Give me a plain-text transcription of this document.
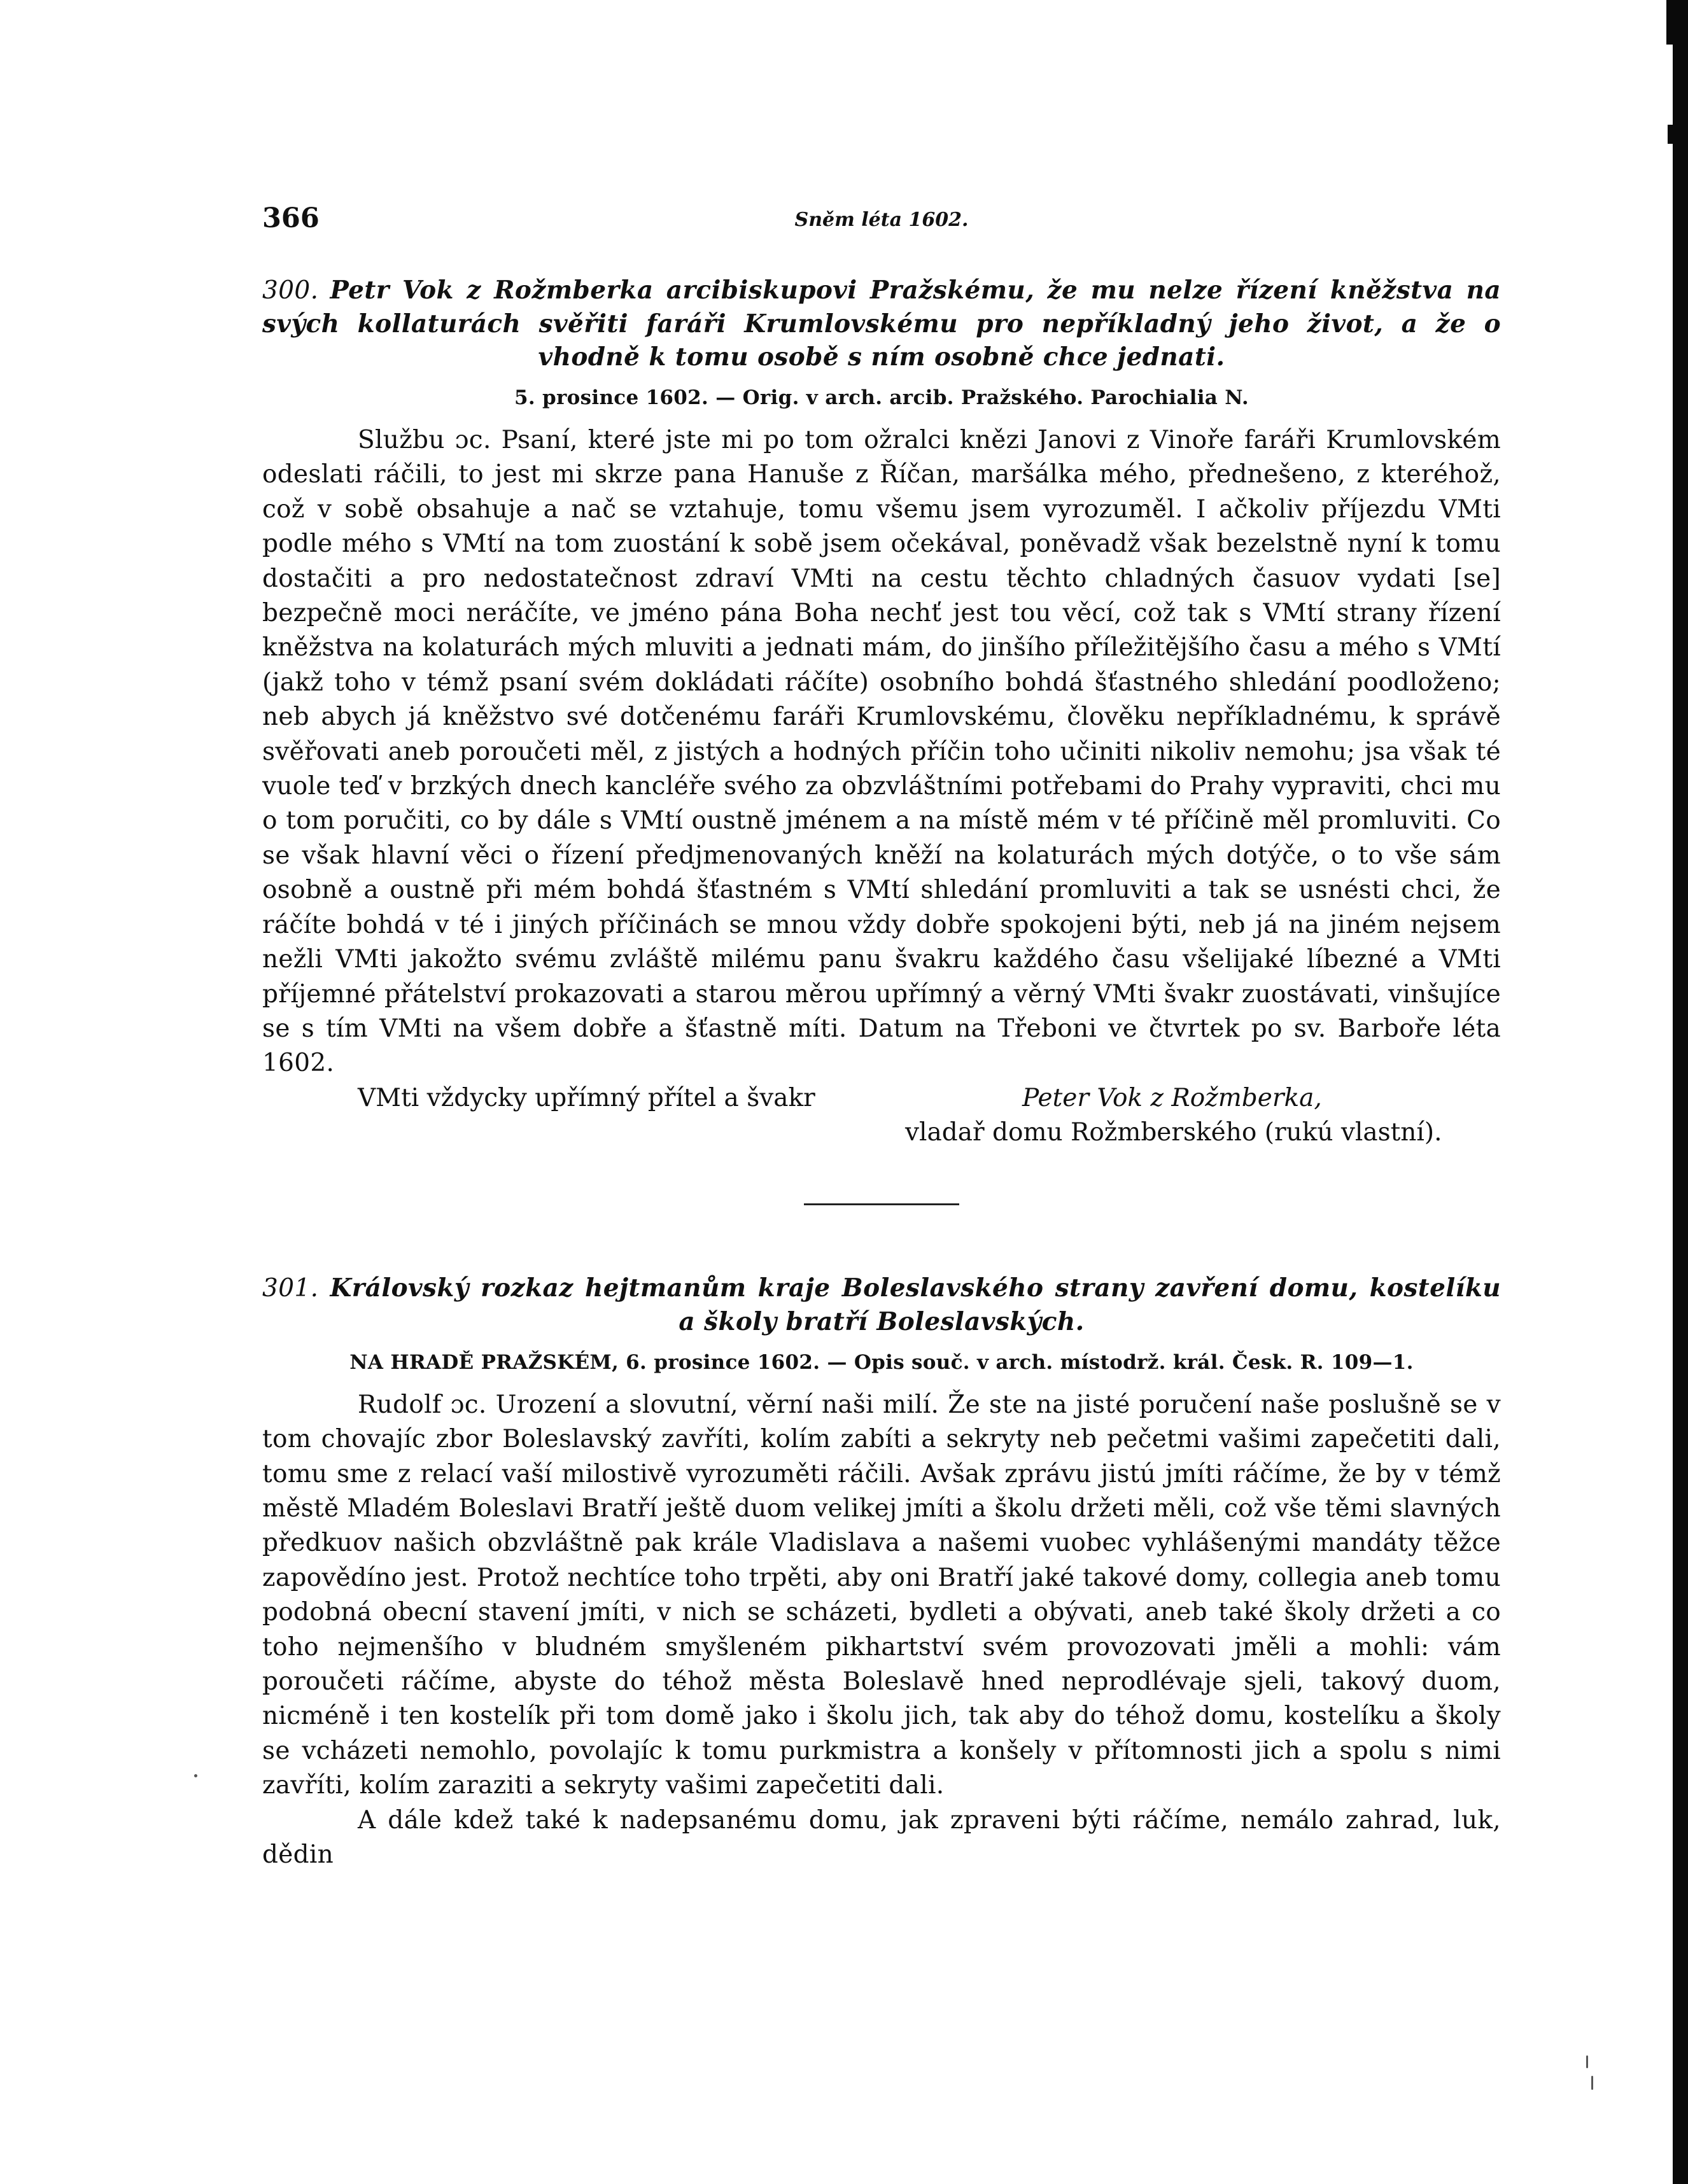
366	Sněm léta 1602.
300. Petr Vok z Rožmberka arcibiskupovi Pražskému, že mu nelze řízení kněžstva na svých kollaturách svěřiti faráři Krumlovskému pro nepříkladný jeho život, a že o vhodně k tomu osobě s ním osobně chce jednati.
5. prosince 1602. — Orig. v arch. arcib. Pražského. Parochialia N.

Službu ɔc. Psaní, které jste mi po tom ožralci knězi Janovi z Vinoře faráři Krumlovském odeslati ráčili, to jest mi skrze pana Hanuše z Říčan, maršálka mého, přednešeno, z kteréhož, což v sobě obsahuje a nač se vztahuje, tomu všemu jsem vyrozuměl. I ačkoliv příjezdu VMti podle mého s VMtí na tom zuostání k sobě jsem očekával, poněvadž však bezelstně nyní k tomu dostačiti a pro nedostatečnost zdraví VMti na cestu těchto chladných časuov vydati [se] bezpečně moci neráčíte, ve jméno pána Boha nechť jest tou věcí, což tak s VMtí strany řízení kněžstva na kolaturách mých mluviti a jednati mám, do jinšího příležitějšího času a mého s VMtí (jakž toho v témž psaní svém dokládati ráčíte) osobního bohdá šťastného shledání poodloženo; neb abych já kněžstvo své dotčenému faráři Krumlovskému, člověku nepříkladnému, k správě svěřovati aneb poroučeti měl, z jistých a hodných příčin toho učiniti nikoliv nemohu; jsa však té vuole teď v brzkých dnech kancléře svého za obzvláštními potřebami do Prahy vypraviti, chci mu o tom poručiti, co by dále s VMtí oustně jménem a na místě mém v té příčině měl promluviti. Co se však hlavní věci o řízení předjmenovaných kněží na kolaturách mých dotýče, o to vše sám osobně a oustně při mém bohdá šťastném s VMtí shledání promluviti a tak se usnésti chci, že ráčíte bohdá v té i jiných příčinách se mnou vždy dobře spokojeni býti, neb já na jiném nejsem nežli VMti jakožto svému zvláště milému panu švakru každého času všelijaké líbezné a VMti příjemné přátelství prokazovati a starou měrou upřímný a věrný VMti švakr zuostávati, vinšujíce se s tím VMti na všem dobře a šťastně míti. Datum na Třeboni ve čtvrtek po sv. Barboře léta 1602.

VMti vždycky upřímný přítel a švakr	Peter Vok z Rožmberka,
vladař domu Rožmberského (rukú vlastní).
301. Královský rozkaz hejtmanům kraje Boleslavského strany zavření domu, kostelíku a školy bratří Boleslavských.
NA HRADĚ PRAŽSKÉM, 6. prosince 1602. — Opis souč. v arch. místodrž. král. Česk. R. 109—1.

Rudolf ɔc. Urození a slovutní, věrní naši milí. Že ste na jisté poručení naše poslušně se v tom chovajíc zbor Boleslavský zavříti, kolím zabíti a sekryty neb pečetmi vašimi zapečetiti dali, tomu sme z relací vaší milostivě vyrozuměti ráčili. Avšak zprávu jistú jmíti ráčíme, že by v témž městě Mladém Boleslavi Bratří ještě duom velikej jmíti a školu držeti měli, což vše těmi slavných předkuov našich obzvláštně pak krále Vladislava a našemi vuobec vyhlášenými mandáty těžce zapovědíno jest. Protož nechtíce toho trpěti, aby oni Bratří jaké takové domy, collegia aneb tomu podobná obecní stavení jmíti, v nich se scházeti, bydleti a obývati, aneb také školy držeti a co toho nejmenšího v bludném smyšleném pikhartství svém provozovati jměli a mohli: vám poroučeti ráčíme, abyste do téhož města Boleslavě hned neprodlévaje sjeli, takový duom, nicméně i ten kostelík při tom domě jako i školu jich, tak aby do téhož domu, kostelíku a školy se vcházeti nemohlo, povolajíc k tomu purkmistra a konšely v přítomnosti jich a spolu s nimi zavříti, kolím zaraziti a sekryty vašimi zapečetiti dali.

A dále kdež také k nadepsanému domu, jak zpraveni býti ráčíme, nemálo zahrad, luk, dědin
